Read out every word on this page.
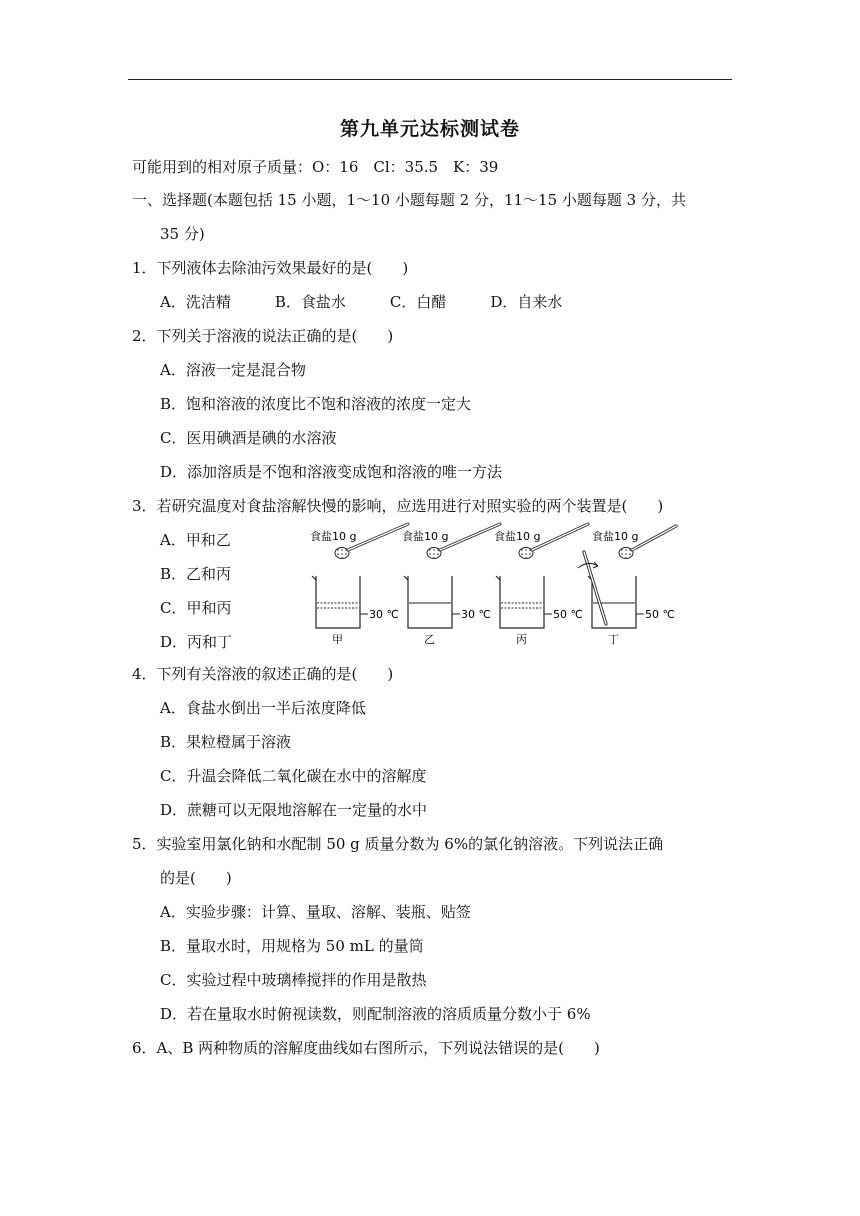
第九单元达标测试卷
可能用到的相对原子质量：O：16　Cl：35.5　K：39
一、选择题(本题包括 15 小题，1～10 小题每题 2 分，11～15 小题每题 3 分，共
35 分)
1．下列液体去除油污效果最好的是(　　)
A．洗洁精	B．食盐水	C．白醋	D．自来水
2．下列关于溶液的说法正确的是(　　)
A．溶液一定是混合物
B．饱和溶液的浓度比不饱和溶液的浓度一定大
C．医用碘酒是碘的水溶液
D．添加溶质是不饱和溶液变成饱和溶液的唯一方法
3．若研究温度对食盐溶解快慢的影响，应选用进行对照实验的两个装置是(　　)
A．甲和乙
B．乙和丙
C．甲和丙
D．丙和丁
食盐10 g
30 ℃
甲
食盐10 g
30 ℃
乙
食盐10 g
50 ℃
丙
食盐10 g
50 ℃
丁
4．下列有关溶液的叙述正确的是(　　)
A．食盐水倒出一半后浓度降低
B．果粒橙属于溶液
C．升温会降低二氧化碳在水中的溶解度
D．蔗糖可以无限地溶解在一定量的水中
5．实验室用氯化钠和水配制 50 g 质量分数为 6%的氯化钠溶液。下列说法正确
的是(　　)
A．实验步骤：计算、量取、溶解、装瓶、贴签
B．量取水时，用规格为 50 mL 的量筒
C．实验过程中玻璃棒搅拌的作用是散热
D．若在量取水时俯视读数，则配制溶液的溶质质量分数小于 6%
6．A、B 两种物质的溶解度曲线如右图所示，下列说法错误的是(　　)
